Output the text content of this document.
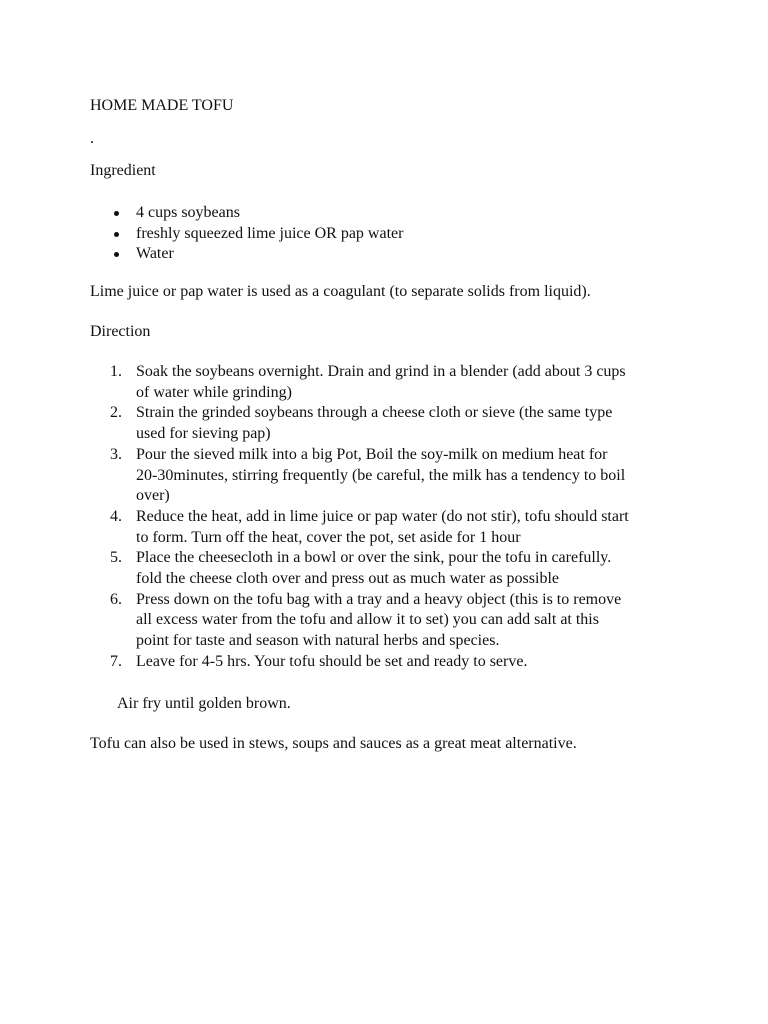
HOME MADE TOFU
.
Ingredient
4 cups soybeans
freshly squeezed lime juice OR pap water
Water
Lime juice or pap water is used as a coagulant (to separate solids from liquid).
Direction
1. Soak the soybeans overnight. Drain and grind in a blender (add about 3 cups
of water while grinding)
2. Strain the grinded soybeans through a cheese cloth or sieve (the same type
used for sieving pap)
3. Pour the sieved milk into a big Pot, Boil the soy-milk on medium heat for
20-30minutes, stirring frequently (be careful, the milk has a tendency to boil
over)
4. Reduce the heat, add in lime juice or pap water (do not stir), tofu should start
to form. Turn off the heat, cover the pot, set aside for 1 hour
5. Place the cheesecloth in a bowl or over the sink, pour the tofu in carefully.
fold the cheese cloth over and press out as much water as possible
6. Press down on the tofu bag with a tray and a heavy object (this is to remove
all excess water from the tofu and allow it to set) you can add salt at this
point for taste and season with natural herbs and species.
7. Leave for 4-5 hrs. Your tofu should be set and ready to serve.
Air fry until golden brown.
Tofu can also be used in stews, soups and sauces as a great meat alternative.
